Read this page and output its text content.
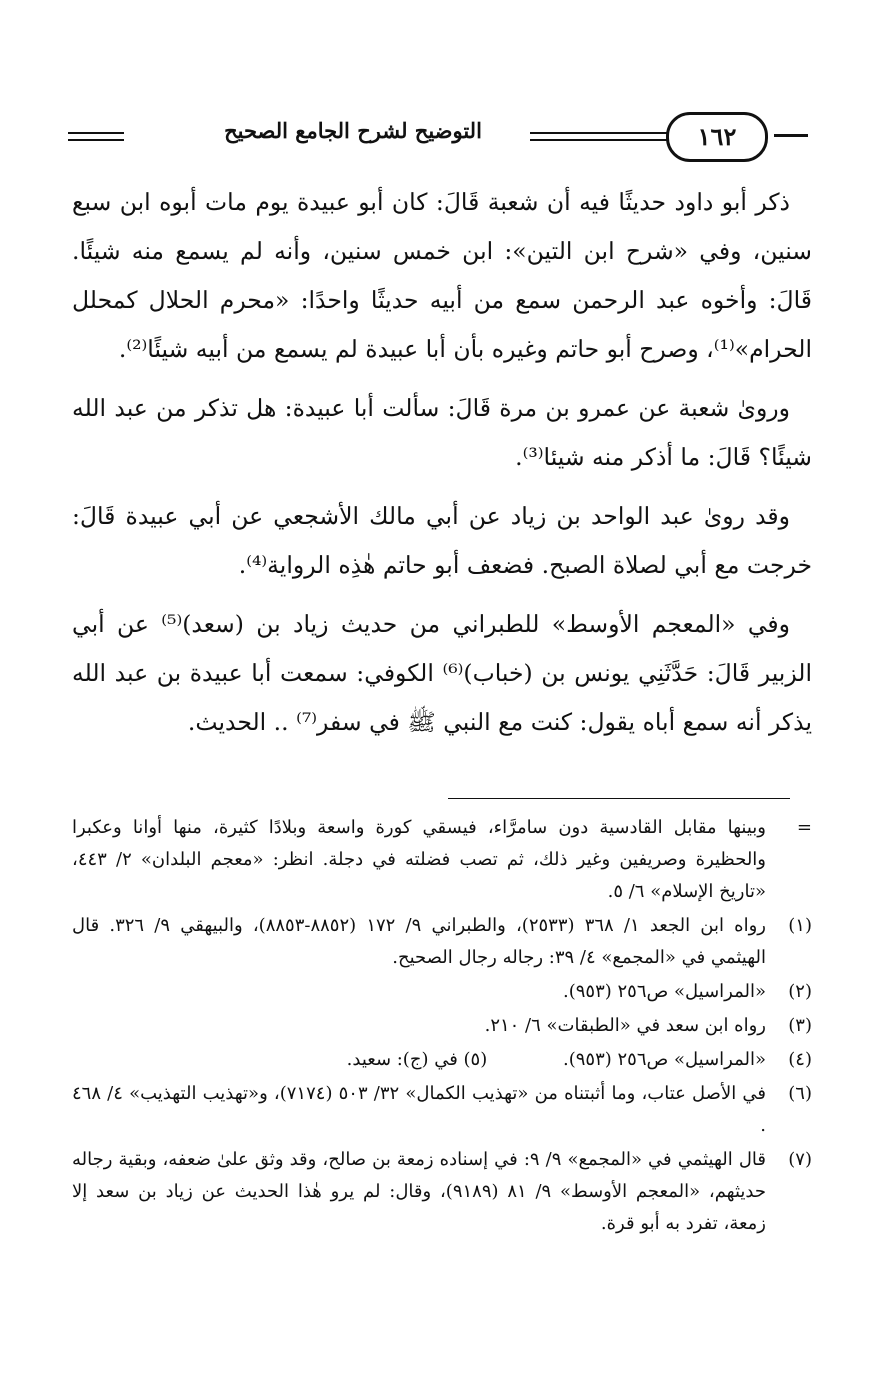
التوضيح لشرح الجامع الصحيح	١٦٢

ذكر أبو داود حديثًا فيه أن شعبة قَالَ: كان أبو عبيدة يوم مات أبوه ابن سبع سنين، وفي «شرح ابن التين»: ابن خمس سنين، وأنه لم يسمع منه شيئًا. قَالَ: وأخوه عبد الرحمن سمع من أبيه حديثًا واحدًا: «محرم الحلال كمحلل الحرام»⁽¹⁾، وصرح أبو حاتم وغيره بأن أبا عبيدة لم يسمع من أبيه شيئًا⁽²⁾.

وروىٰ شعبة عن عمرو بن مرة قَالَ: سألت أبا عبيدة: هل تذكر من عبد الله شيئًا؟ قَالَ: ما أذكر منه شيئا⁽³⁾.

وقد روىٰ عبد الواحد بن زياد عن أبي مالك الأشجعي عن أبي عبيدة قَالَ: خرجت مع أبي لصلاة الصبح. فضعف أبو حاتم هٰذِه الرواية⁽⁴⁾.

وفي «المعجم الأوسط» للطبراني من حديث زياد بن (سعد)⁽⁵⁾ عن أبي الزبير قَالَ: حَدَّثَنِي يونس بن (خباب)⁽⁶⁾ الكوفي: سمعت أبا عبيدة بن عبد الله يذكر أنه سمع أباه يقول: كنت مع النبي ﷺ في سفر⁽⁷⁾ .. الحديث.

=
وبينها مقابل القادسية دون سامرَّاء، فيسقي كورة واسعة وبلادًا كثيرة، منها أوانا وعكبرا والحظيرة وصريفين وغير ذلك، ثم تصب فضلته في دجلة. انظر: «معجم البلدان» ٢/ ٤٤٣، «تاريخ الإسلام» ٦/ ٥.
(١)
رواه ابن الجعد ١/ ٣٦٨ (٢٥٣٣)، والطبراني ٩/ ١٧٢ (٨٨٥٢-٨٨٥٣)، والبيهقي ٩/ ٣٢٦. قال الهيثمي في «المجمع» ٤/ ٣٩: رجاله رجال الصحيح.
(٢)
«المراسيل» ص٢٥٦ (٩٥٣).
(٣)
رواه ابن سعد في «الطبقات» ٦/ ٢١٠.
(٤)
«المراسيل» ص٢٥٦ (٩٥٣). (٥) في (ج): سعيد.
(٦)
في الأصل عتاب، وما أثبتناه من «تهذيب الكمال» ٣٢/ ٥٠٣ (٧١٧٤)، و«تهذيب التهذيب» ٤/ ٤٦٨ .
(٧)
قال الهيثمي في «المجمع» ٩/ ٩: في إسناده زمعة بن صالح، وقد وثق علىٰ ضعفه، وبقية رجاله حديثهم، «المعجم الأوسط» ٩/ ٨١ (٩١٨٩)، وقال: لم يرو هٰذا الحديث عن زياد بن سعد إلا زمعة، تفرد به أبو قرة.
